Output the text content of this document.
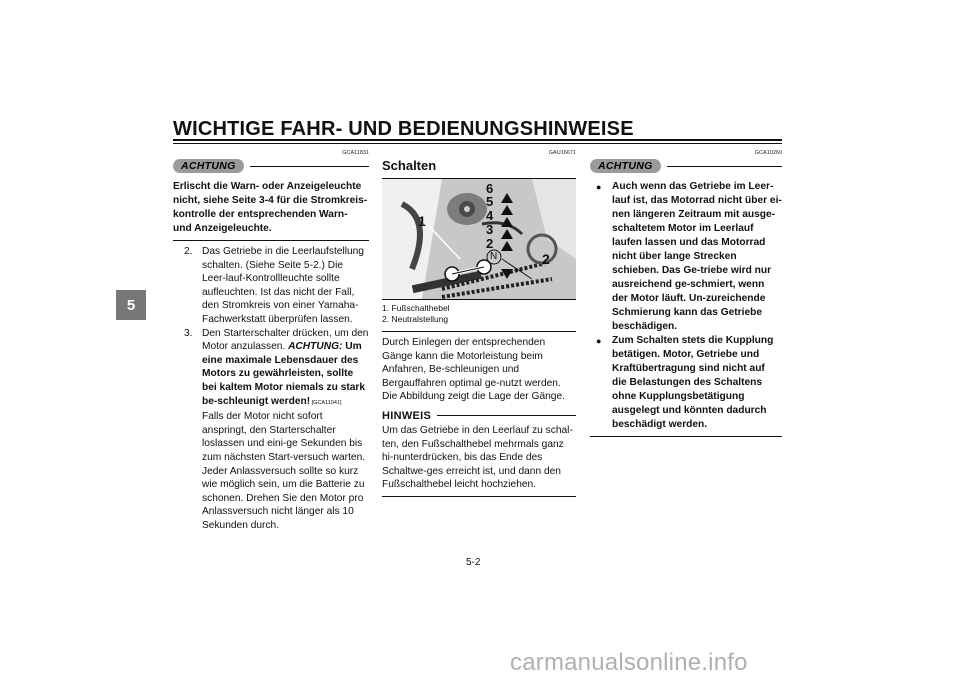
WICHTIGE FAHR- UND BEDIENUNGSHINWEISE
5
GCA11831
ACHTUNG
Erlischt die Warn- oder Anzeigeleuchte nicht, siehe Seite 3-4 für die Stromkreis-kontrolle der entsprechenden Warn- und Anzeigeleuchte.
2. Das Getriebe in die Leerlaufstellung schalten. (Siehe Seite 5-2.) Die Leer-lauf-Kontrollleuchte sollte aufleuchten. Ist das nicht der Fall, den Stromkreis von einer Yamaha-Fachwerkstatt überprüfen lassen.
3. Den Starterschalter drücken, um den Motor anzulassen. ACHTUNG: Um eine maximale Lebensdauer des Motors zu gewährleisten, sollte bei kaltem Motor niemals zu stark be-schleunigt werden! [GCA11041]
Falls der Motor nicht sofort anspringt, den Starterschalter loslassen und eini-ge Sekunden bis zum nächsten Start-versuch warten. Jeder Anlassversuch sollte so kurz wie möglich sein, um die Batterie zu schonen. Drehen Sie den Motor pro Anlassversuch nicht länger als 10 Sekunden durch.
GAU16671
Schalten
6
5
4
3
2
N
1
2
1. Fußschalthebel
2. Neutralstellung
Durch Einlegen der entsprechenden Gänge kann die Motorleistung beim Anfahren, Be-schleunigen und Bergauffahren optimal ge-nutzt werden.
Die Abbildung zeigt die Lage der Gänge.
HINWEIS
Um das Getriebe in den Leerlauf zu schal-ten, den Fußschalthebel mehrmals ganz hi-nunterdrücken, bis das Ende des Schaltwe-ges erreicht ist, und dann den Fußschalthebel leicht hochziehen.
GCA10260
ACHTUNG
●	Auch wenn das Getriebe im Leer-lauf ist, das Motorrad nicht über ei-nen längeren Zeitraum mit ausge-schaltetem Motor im Leerlauf laufen lassen und das Motorrad nicht über lange Strecken schieben. Das Ge-triebe wird nur ausreichend ge-schmiert, wenn der Motor läuft. Un-zureichende Schmierung kann das Getriebe beschädigen.
●	Zum Schalten stets die Kupplung betätigen. Motor, Getriebe und Kraftübertragung sind nicht auf die Belastungen des Schaltens ohne Kupplungsbetätigung ausgelegt und könnten dadurch beschädigt werden.
5-2
carmanualsonline.info
